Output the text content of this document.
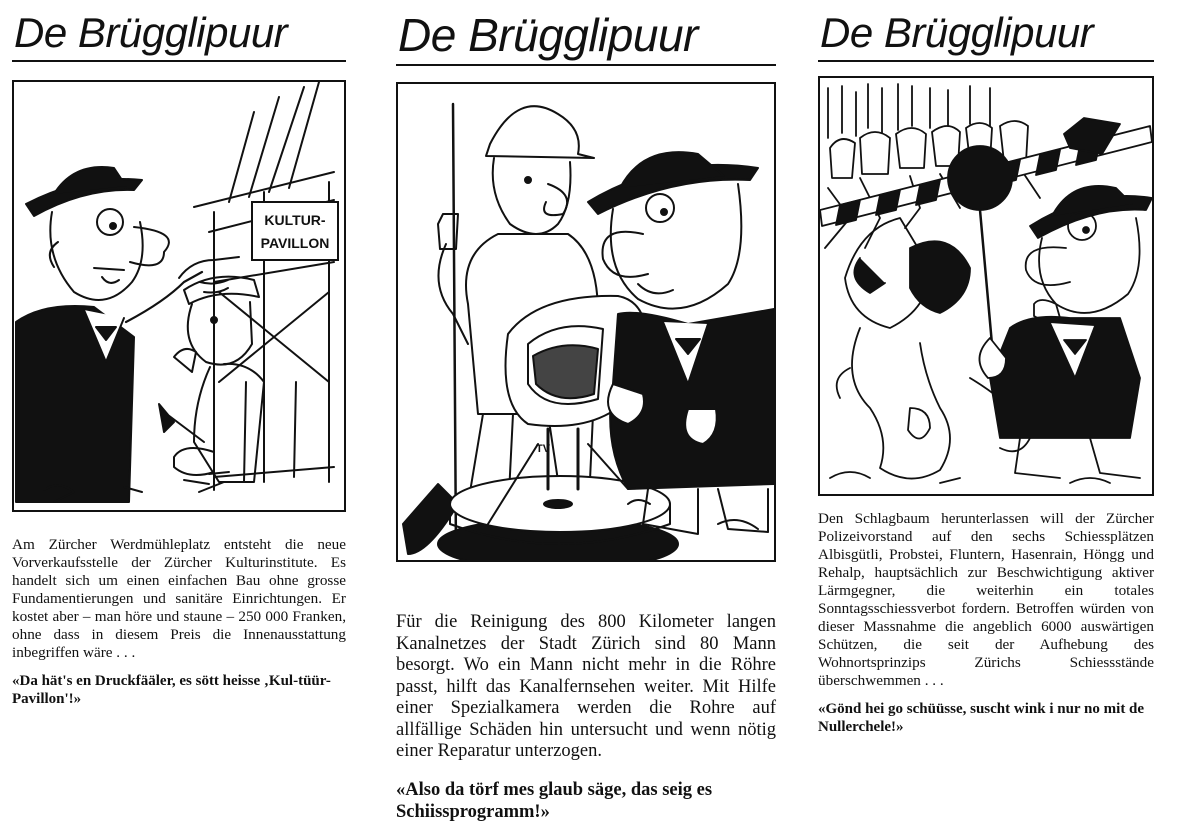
De Brügglipuur
KULTUR-
PAVILLON

Am Zürcher Werdmühleplatz entsteht die neue Vorverkaufsstelle der Zürcher Kulturinstitute. Es handelt sich um einen einfachen Bau ohne grosse Fundamentierungen und sanitäre Einrichtungen. Er kostet aber – man höre und staune – 250 000 Franken, ohne dass in diesem Preis die Innenausstattung inbegriffen wäre . . .

«Da hät's en Druckfääler, es sött heisse ‚Kul-tüür-Pavillon'!»

De Brügglipuur
TV

Für die Reinigung des 800 Kilometer langen Kanalnetzes der Stadt Zürich sind 80 Mann besorgt. Wo ein Mann nicht mehr in die Röhre passt, hilft das Kanalfernsehen weiter. Mit Hilfe einer Spezialkamera werden die Rohre auf allfällige Schäden hin untersucht und wenn nötig einer Reparatur unterzogen.

«Also da törf mes glaub säge, das seig es Schiissprogramm!»

De Brügglipuur

Den Schlagbaum herunterlassen will der Zürcher Polizeivorstand auf den sechs Schiessplätzen Albisgütli, Probstei, Fluntern, Hasenrain, Höngg und Rehalp, hauptsächlich zur Beschwichtigung aktiver Lärmgegner, die weiterhin ein totales Sonntagsschiessverbot fordern. Betroffen würden von dieser Massnahme die angeblich 6000 auswärtigen Schützen, die seit der Aufhebung des Wohnortsprinzips Zürichs Schiessstände überschwemmen . . .

«Gönd hei go schüüsse, suscht wink i nur no mit de Nullerchele!»
